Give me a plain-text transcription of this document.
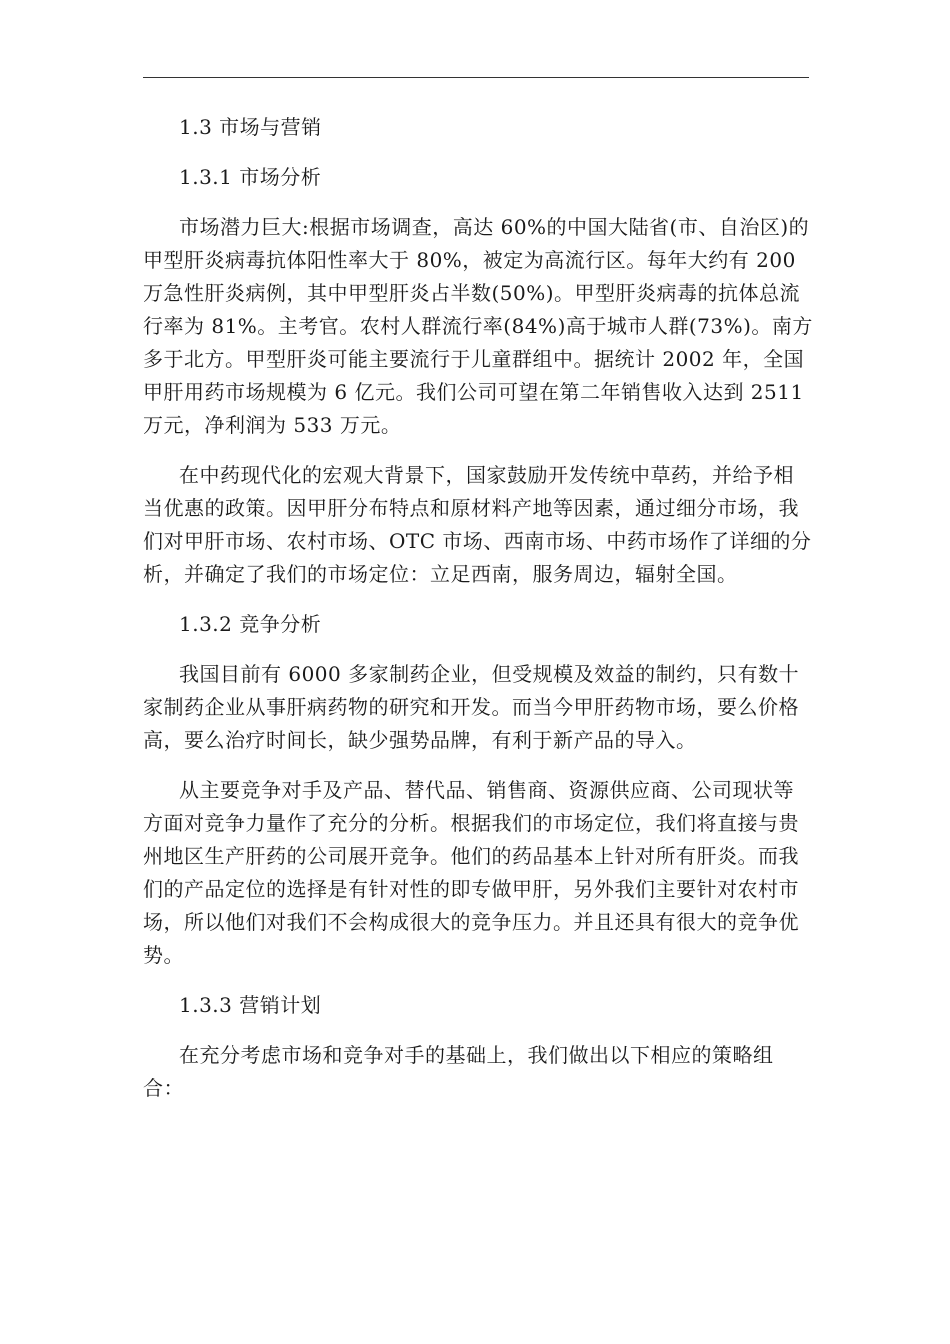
1.3 市场与营销
1.3.1 市场分析

市场潜力巨大:根据市场调查，高达 60%的中国大陆省(市、自治区)的甲型肝炎病毒抗体阳性率大于 80%，被定为高流行区。每年大约有 200 万急性肝炎病例，其中甲型肝炎占半数(50%)。甲型肝炎病毒的抗体总流行率为 81%。主考官。农村人群流行率(84%)高于城市人群(73%)。南方多于北方。甲型肝炎可能主要流行于儿童群组中。据统计 2002 年，全国甲肝用药市场规模为 6 亿元。我们公司可望在第二年销售收入达到 2511 万元，净利润为 533 万元。

在中药现代化的宏观大背景下，国家鼓励开发传统中草药，并给予相当优惠的政策。因甲肝分布特点和原材料产地等因素，通过细分市场，我们对甲肝市场、农村市场、OTC 市场、西南市场、中药市场作了详细的分析，并确定了我们的市场定位：立足西南，服务周边，辐射全国。

1.3.2 竞争分析

我国目前有 6000 多家制药企业，但受规模及效益的制约，只有数十家制药企业从事肝病药物的研究和开发。而当今甲肝药物市场，要么价格高，要么治疗时间长，缺少强势品牌，有利于新产品的导入。

从主要竞争对手及产品、替代品、销售商、资源供应商、公司现状等方面对竞争力量作了充分的分析。根据我们的市场定位，我们将直接与贵州地区生产肝药的公司展开竞争。他们的药品基本上针对所有肝炎。而我们的产品定位的选择是有针对性的即专做甲肝，另外我们主要针对农村市场，所以他们对我们不会构成很大的竞争压力。并且还具有很大的竞争优势。

1.3.3 营销计划

在充分考虑市场和竞争对手的基础上，我们做出以下相应的策略组合：
